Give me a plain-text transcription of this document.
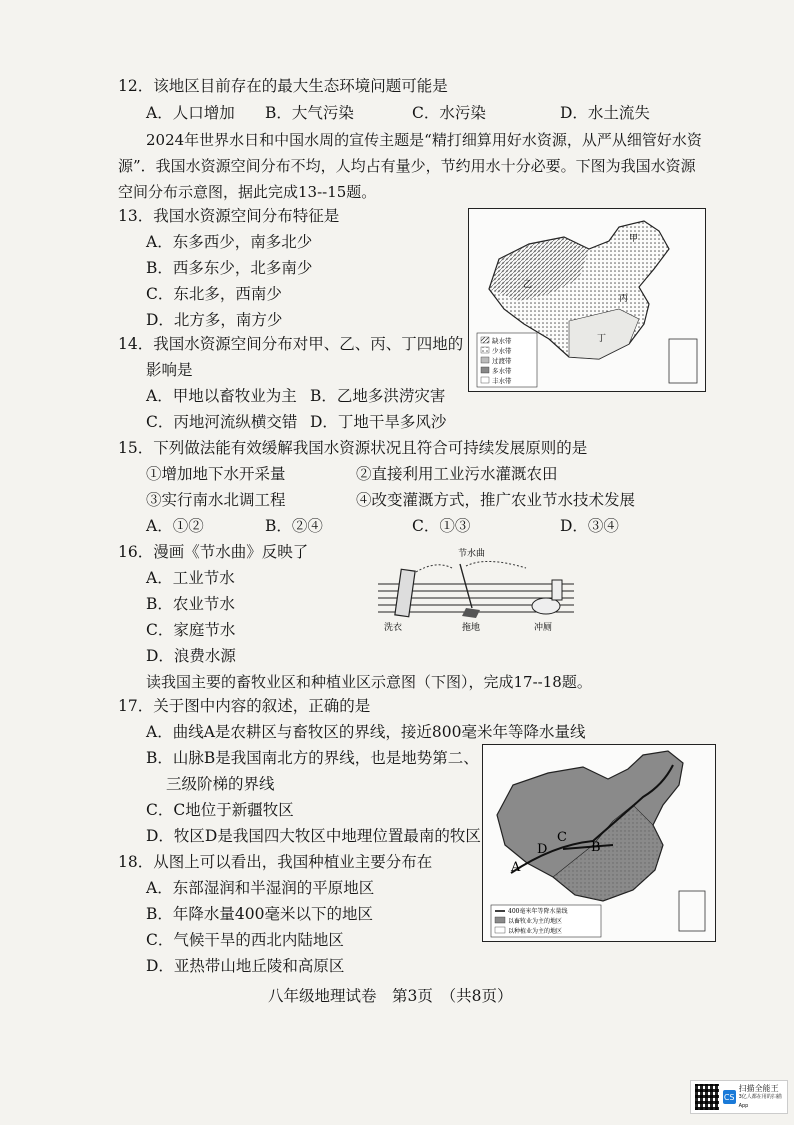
12．该地区目前存在的最大生态环境问题可能是
A．人口增加 B．大气污染	C．水污染	D．水土流失
2024年世界水日和中国水周的宣传主题是“精打细算用好水资源，从严从细管好水资
源”．我国水资源空间分布不均，人均占有量少，节约用水十分必要。下图为我国水资源
空间分布示意图，据此完成13--15题。
13．我国水资源空间分布特征是
A．东多西少，南多北少
B．西多东少，北多南少
C．东北多，西南少
D．北方多，南方少
甲
乙
丙
丁
缺水带
少水带
过渡带
多水带
丰水带
14．我国水资源空间分布对甲、乙、丙、丁四地的
影响是
A．甲地以畜牧业为主 B．乙地多洪涝灾害
C．丙地河流纵横交错 D．丁地干旱多风沙
15．下列做法能有效缓解我国水资源状况且符合可持续发展原则的是
①增加地下水开采量	②直接利用工业污水灌溉农田
③实行南水北调工程	④改变灌溉方式，推广农业节水技术发展
A．①②	B．②④	C．①③	D．③④
16．漫画《节水曲》反映了
A．工业节水
B．农业节水
C．家庭节水
D．浪费水源
节水曲
洗衣	拖地	冲厕
读我国主要的畜牧业区和种植业区示意图（下图），完成17--18题。
17．关于图中内容的叙述，正确的是
A．曲线A是农耕区与畜牧区的界线，接近800毫米年等降水量线
B．山脉B是我国南北方的界线，也是地势第二、
三级阶梯的界线
C．C地位于新疆牧区
D．牧区D是我国四大牧区中地理位置最南的牧区
A
B
C
D
400毫米年等降水量线
以畜牧业为主的地区
以种植业为主的地区
18．从图上可以看出，我国种植业主要分布在
A．东部湿润和半湿润的平原地区
B．年降水量400毫米以下的地区
C．气候干旱的西北内陆地区
D．亚热带山地丘陵和高原区
八年级地理试卷　第3页　（共8页）
CS
扫描全能王
3亿人都在用的扫描App
